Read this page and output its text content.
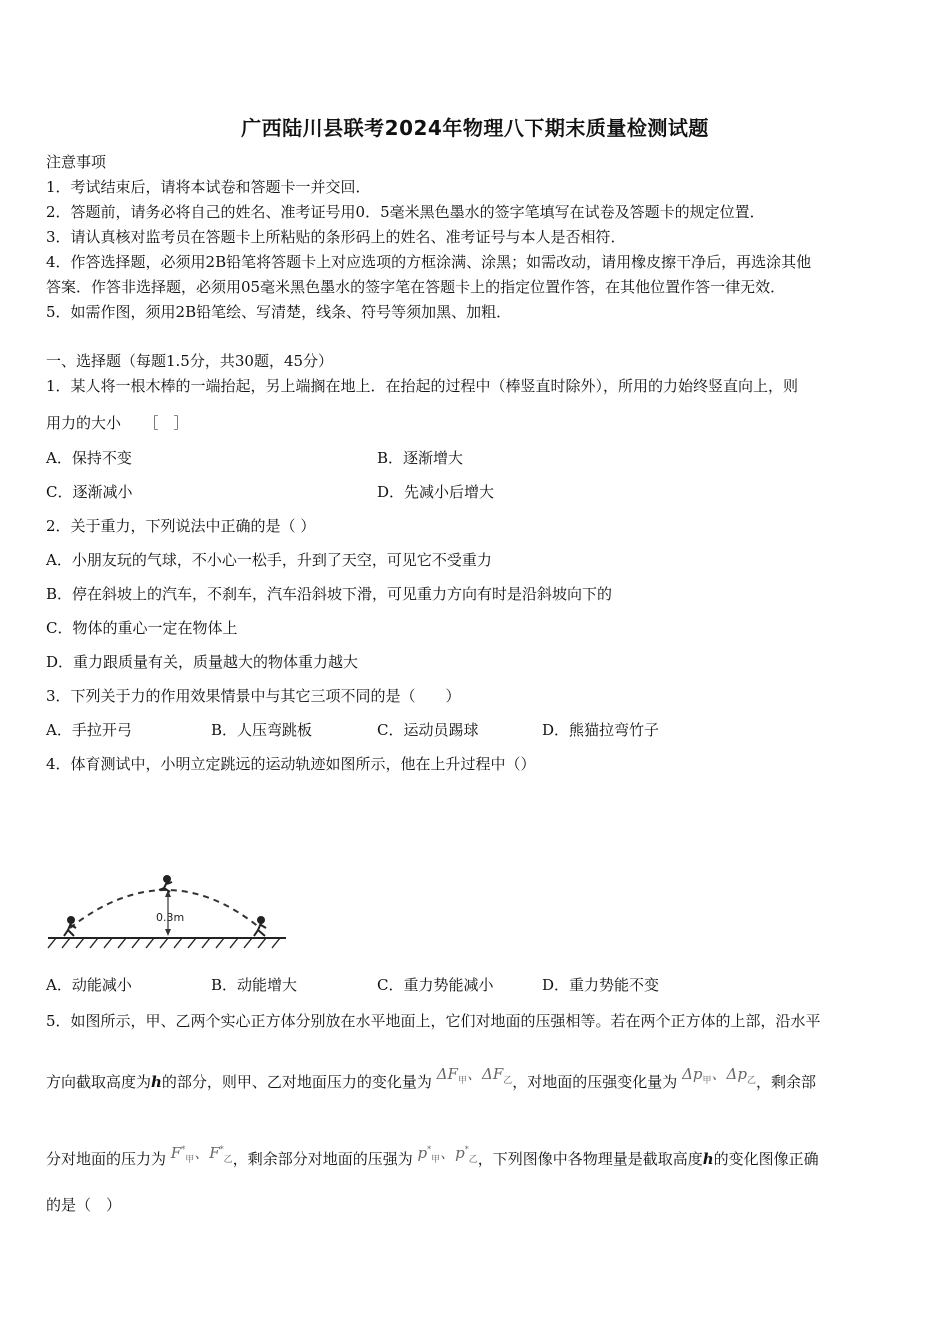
广西陆川县联考2024年物理八下期末质量检测试题
注意事项
1．考试结束后，请将本试卷和答题卡一并交回．
2．答题前，请务必将自己的姓名、准考证号用0．5毫米黑色墨水的签字笔填写在试卷及答题卡的规定位置．
3．请认真核对监考员在答题卡上所粘贴的条形码上的姓名、准考证号与本人是否相符．
4．作答选择题，必须用2B铅笔将答题卡上对应选项的方框涂满、涂黑；如需改动，请用橡皮擦干净后，再选涂其他
答案．作答非选择题，必须用05毫米黑色墨水的签字笔在答题卡上的指定位置作答，在其他位置作答一律无效．
5．如需作图，须用2B铅笔绘、写清楚，线条、符号等须加黑、加粗．
一、选择题（每题1.5分，共30题，45分）
1．某人将一根木棒的一端抬起，另上端搁在地上．在抬起的过程中（棒竖直时除外），所用的力始终竖直向上，则
用力的大小　　［　］
A．保持不变	B．逐渐增大
C．逐渐减小	D．先减小后增大
2．关于重力，下列说法中正确的是（ ）
A．小朋友玩的气球，不小心一松手，升到了天空，可见它不受重力
B．停在斜坡上的汽车，不刹车，汽车沿斜坡下滑，可见重力方向有时是沿斜坡向下的
C．物体的重心一定在物体上
D．重力跟质量有关，质量越大的物体重力越大
3．下列关于力的作用效果情景中与其它三项不同的是（　　）
A．手拉开弓	B．人压弯跳板	C．运动员踢球	D．熊猫拉弯竹子
4．体育测试中，小明立定跳远的运动轨迹如图所示，他在上升过程中（）
0.3m
A．动能减小	B．动能增大	C．重力势能减小	D．重力势能不变
5．如图所示，甲、乙两个实心正方体分别放在水平地面上，它们对地面的压强相等。若在两个正方体的上部，沿水平
方向截取高度为h的部分，则甲、乙对地面压力的变化量为 $\Delta F_甲$、$\Delta F_乙$，对地面的压强变化量为 $\Delta p_甲$、$\Delta p_乙$，剩余部
分对地面的压力为 $F^*_甲$、$F^*_乙$，剩余部分对地面的压强为 $p^*_甲$、$p^*_乙$，下列图像中各物理量是截取高度h的变化图像正确
的是（　）
